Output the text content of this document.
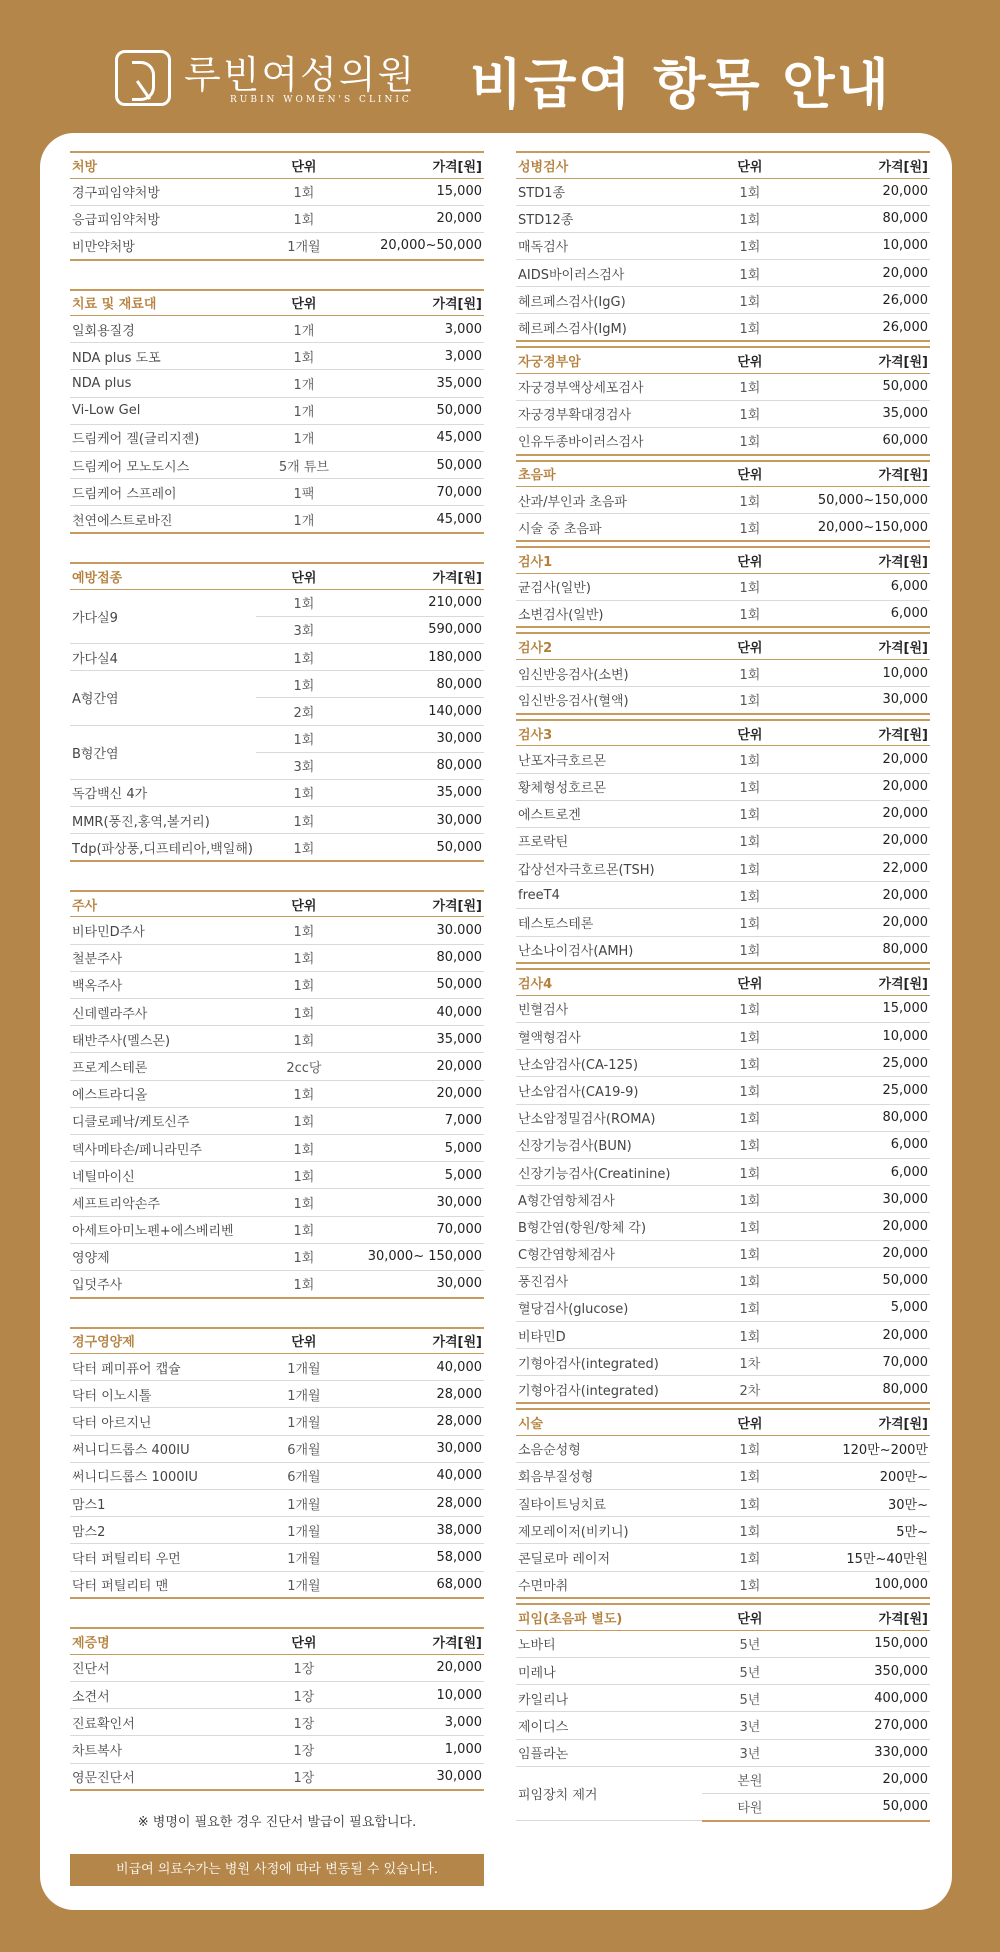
루빈여성의원
RUBIN WOMEN'S CLINIC 비급여 항목 안내
처방	단위	가격[원]
경구피임약처방	1회	15,000
응급피임약처방	1회	20,000
비만약처방	1개월	20,000~50,000
치료 및 재료대	단위	가격[원]
일회용질경	1개	3,000
NDA plus 도포	1회	3,000
NDA plus	1개	35,000
Vi-Low Gel	1개	50,000
드림케어 겔(글리지젠)	1개	45,000
드림케어 모노도시스	5개 튜브	50,000
드림케어 스프레이	1팩	70,000
천연에스트로바진	1개	45,000
예방접종	단위	가격[원]
가다실9	1회	210,000
	3회	590,000
가다실4	1회	180,000
A형간염	1회	80,000
	2회	140,000
B형간염	1회	30,000
	3회	80,000
독감백신 4가	1회	35,000
MMR(풍진,홍역,볼거리)	1회	30,000
Tdp(파상풍,디프테리아,백일해)	1회	50,000
주사	단위	가격[원]
비타민D주사	1회	30.000
철분주사	1회	80,000
백옥주사	1회	50,000
신데렐라주사	1회	40,000
태반주사(멜스몬)	1회	35,000
프로게스테론	2cc당	20,000
에스트라디올	1회	20,000
디클로페낙/케토신주	1회	7,000
덱사메타손/페니라민주	1회	5,000
네틸마이신	1회	5,000
세프트리악손주	1회	30,000
아세트아미노펜+에스베리벤	1회	70,000
영양제	1회	30,000~ 150,000
입덧주사	1회	30,000
경구영양제	단위	가격[원]
닥터 페미퓨어 캡슐	1개월	40,000
닥터 이노시톨	1개월	28,000
닥터 아르지닌	1개월	28,000
써니디드롭스 400IU	6개월	30,000
써니디드롭스 1000IU	6개월	40,000
맘스1	1개월	28,000
맘스2	1개월	38,000
닥터 퍼틸리티 우먼	1개월	58,000
닥터 퍼틸리티 맨	1개월	68,000
제증명	단위	가격[원]
진단서	1장	20,000
소견서	1장	10,000
진료확인서	1장	3,000
차트복사	1장	1,000
영문진단서	1장	30,000
※ 병명이 필요한 경우 진단서 발급이 필요합니다.
비급여 의료수가는 병원 사정에 따라 변동될 수 있습니다.
성병검사	단위	가격[원]
STD1종	1회	20,000
STD12종	1회	80,000
매독검사	1회	10,000
AIDS바이러스검사	1회	20,000
헤르페스검사(IgG)	1회	26,000
헤르페스검사(IgM)	1회	26,000
자궁경부암	단위	가격[원]
자궁경부액상세포검사	1회	50,000
자궁경부확대경검사	1회	35,000
인유두종바이러스검사	1회	60,000
초음파	단위	가격[원]
산과/부인과 초음파	1회	50,000~150,000
시술 중 초음파	1회	20,000~150,000
검사1	단위	가격[원]
균검사(일반)	1회	6,000
소변검사(일반)	1회	6,000
검사2	단위	가격[원]
임신반응검사(소변)	1회	10,000
임신반응검사(혈액)	1회	30,000
검사3	단위	가격[원]
난포자극호르몬	1회	20,000
황체형성호르몬	1회	20,000
에스트로겐	1회	20,000
프로락틴	1회	20,000
갑상선자극호르몬(TSH)	1회	22,000
freeT4	1회	20,000
테스토스테론	1회	20,000
난소나이검사(AMH)	1회	80,000
검사4	단위	가격[원]
빈혈검사	1회	15,000
혈액형검사	1회	10,000
난소암검사(CA-125)	1회	25,000
난소암검사(CA19-9)	1회	25,000
난소암정밀검사(ROMA)	1회	80,000
신장기능검사(BUN)	1회	6,000
신장기능검사(Creatinine)	1회	6,000
A형간염항체검사	1회	30,000
B형간염(항원/항체 각)	1회	20,000
C형간염항체검사	1회	20,000
풍진검사	1회	50,000
혈당검사(glucose)	1회	5,000
비타민D	1회	20,000
기형아검사(integrated)	1차	70,000
기형아검사(integrated)	2차	80,000
시술	단위	가격[원]
소음순성형	1회	120만~200만
회음부질성형	1회	200만~
질타이트닝치료	1회	30만~
제모레이저(비키니)	1회	5만~
콘딜로마 레이저	1회	15만~40만원
수면마취	1회	100,000
피임(초음파 별도)	단위	가격[원]
노바티	5년	150,000
미레나	5년	350,000
카일리나	5년	400,000
제이디스	3년	270,000
임플라논	3년	330,000
피임장치 제거	본원	20,000
	타원	50,000
